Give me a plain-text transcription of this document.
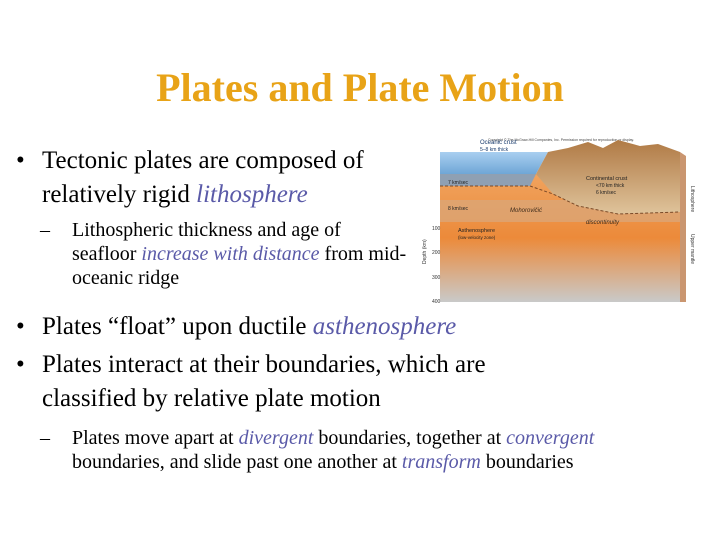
Plates and Plate Motion
• Tectonic plates are composed of relatively rigid lithosphere
–	Lithospheric thickness and age of seafloor increase with distance from mid-oceanic ridge
• Plates “float” upon ductile asthenosphere
• Plates interact at their boundaries, which are classified by relative plate motion
–	Plates move apart at divergent boundaries, together at convergent boundaries, and slide past one another at transform boundaries
Copyright © The McGraw-Hill Companies, Inc. Permission required for reproduction or display.
Oceanic crust
5–8 km thick
7 km/sec
Continental crust
<70 km thick
6 km/sec
8 km/sec	Mohorovičić
discontinuity
Asthenosphere
(low-velocity zone)
Depth (km)
100
200
300
400
Lithosphere
Upper mantle
